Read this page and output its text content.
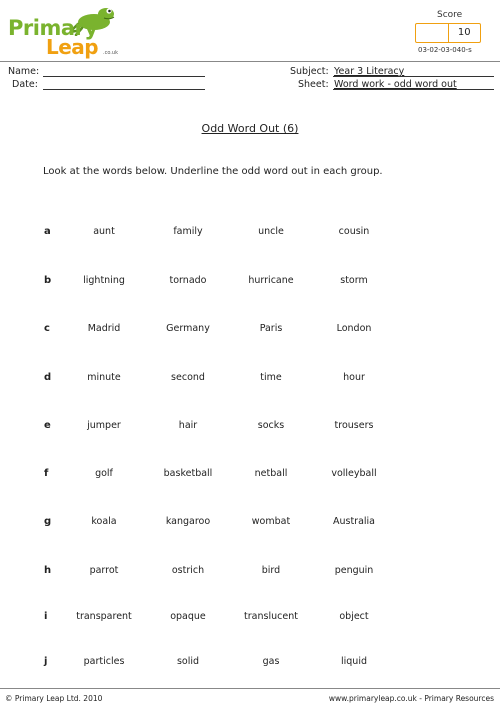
Primary
Leap .co.uk
Score
10
03-02-03-040-s
Name:
Date:
Subject: Year 3 Literacy
Sheet: Word work - odd word out
Odd Word Out (6)
Look at the words below. Underline the odd word out in each group.
a	aunt	family	uncle	cousin
b	lightning	tornado	hurricane	storm
c	Madrid	Germany	Paris	London
d	minute	second	time	hour
e	jumper	hair	socks	trousers
f	golf	basketball	netball	volleyball
g	koala	kangaroo	wombat	Australia
h	parrot	ostrich	bird	penguin
i	transparent	opaque	translucent	object
j	particles	solid	gas	liquid
© Primary Leap Ltd. 2010	www.primaryleap.co.uk - Primary Resources
